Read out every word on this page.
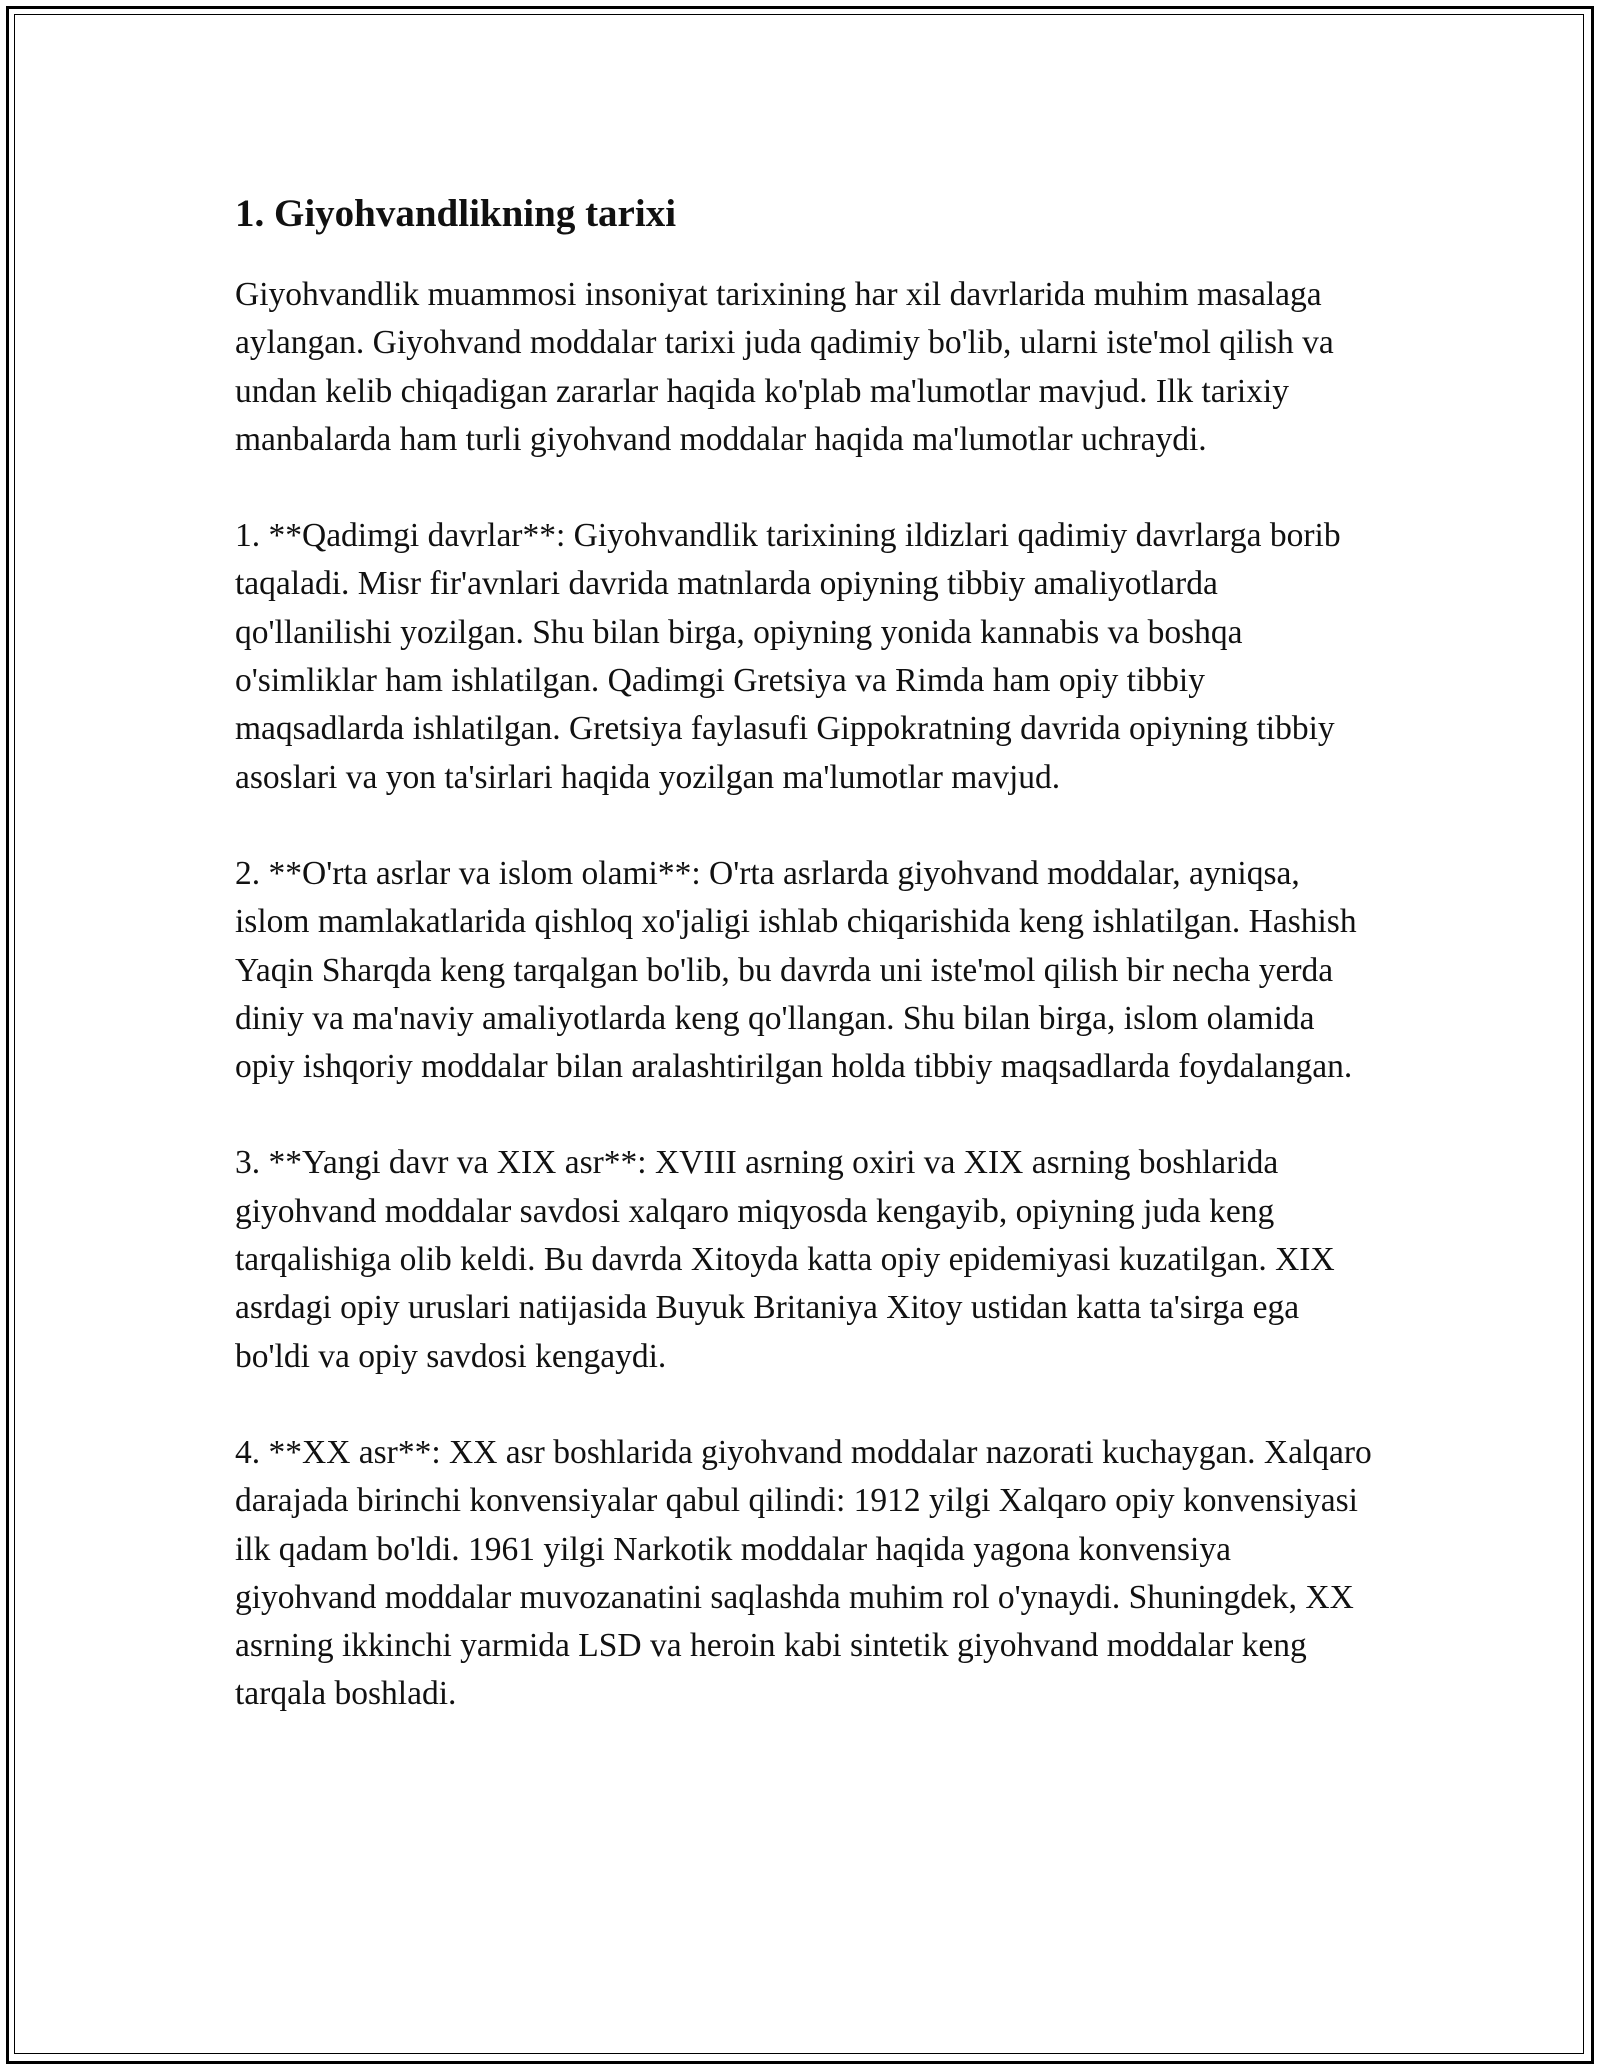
1. Giyohvandlikning tarixi

Giyohvandlik muammosi insoniyat tarixining har xil davrlarida muhim masalaga aylangan. Giyohvand moddalar tarixi juda qadimiy bo'lib, ularni iste'mol qilish va undan kelib chiqadigan zararlar haqida ko'plab ma'lumotlar mavjud. Ilk tarixiy manbalarda ham turli giyohvand moddalar haqida ma'lumotlar uchraydi.

1. **Qadimgi davrlar**: Giyohvandlik tarixining ildizlari qadimiy davrlarga borib taqaladi. Misr fir'avnlari davrida matnlarda opiyning tibbiy amaliyotlarda qo'llanilishi yozilgan. Shu bilan birga, opiyning yonida kannabis va boshqa o'simliklar ham ishlatilgan. Qadimgi Gretsiya va Rimda ham opiy tibbiy maqsadlarda ishlatilgan. Gretsiya faylasufi Gippokratning davrida opiyning tibbiy asoslari va yon ta'sirlari haqida yozilgan ma'lumotlar mavjud.

2. **O'rta asrlar va islom olami**: O'rta asrlarda giyohvand moddalar, ayniqsa, islom mamlakatlarida qishloq xo'jaligi ishlab chiqarishida keng ishlatilgan. Hashish Yaqin Sharqda keng tarqalgan bo'lib, bu davrda uni iste'mol qilish bir necha yerda diniy va ma'naviy amaliyotlarda keng qo'llangan. Shu bilan birga, islom olamida opiy ishqoriy moddalar bilan aralashtirilgan holda tibbiy maqsadlarda foydalangan.

3. **Yangi davr va XIX asr**: XVIII asrning oxiri va XIX asrning boshlarida giyohvand moddalar savdosi xalqaro miqyosda kengayib, opiyning juda keng tarqalishiga olib keldi. Bu davrda Xitoyda katta opiy epidemiyasi kuzatilgan. XIX asrdagi opiy uruslari natijasida Buyuk Britaniya Xitoy ustidan katta ta'sirga ega bo'ldi va opiy savdosi kengaydi.

4. **XX asr**: XX asr boshlarida giyohvand moddalar nazorati kuchaygan. Xalqaro darajada birinchi konvensiyalar qabul qilindi: 1912 yilgi Xalqaro opiy konvensiyasi ilk qadam bo'ldi. 1961 yilgi Narkotik moddalar haqida yagona konvensiya giyohvand moddalar muvozanatini saqlashda muhim rol o'ynaydi. Shuningdek, XX asrning ikkinchi yarmida LSD va heroin kabi sintetik giyohvand moddalar keng tarqala boshladi.
